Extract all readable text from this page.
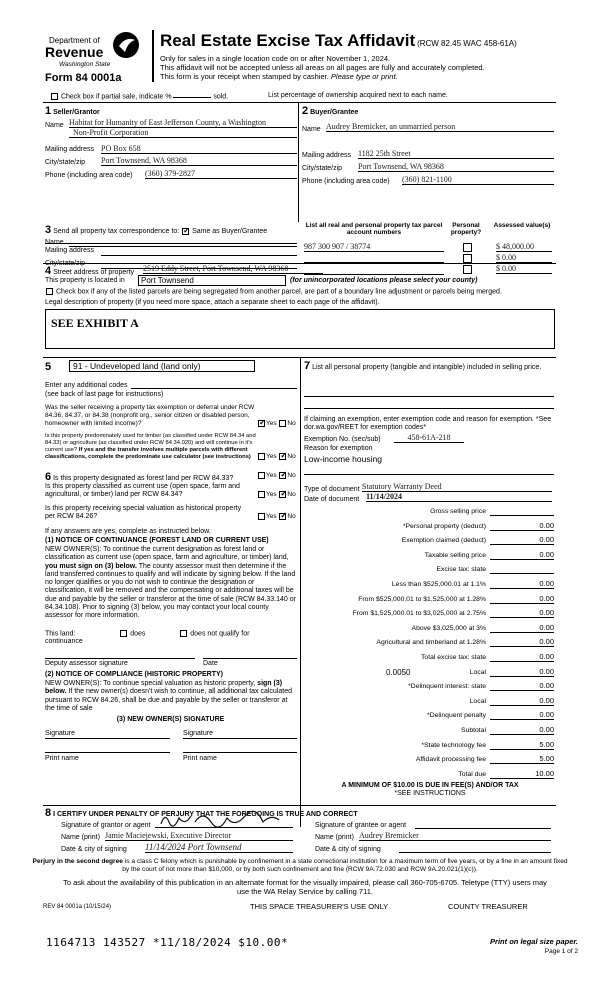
Department of
Revenue
Washington State
Form 84 0001a
Real Estate Excise Tax Affidavit (RCW 82.45 WAC 458-61A)
Only for sales in a single location code on or after November 1, 2024.
This affidavit will not be accepted unless all areas on all pages are fully and accurately completed.
This form is your receipt when stamped by cashier. Please type or print.
Check box if partial sale, indicate %	sold.	List percentage of ownership acquired next to each name.
1 Seller/Grantor
Name Habitat for Humanity of East Jefferson County, a Washington
Non-Profit Corporation
Mailing address PO Box 658
City/state/zip Port Townsend, WA 98368
Phone (including area code) (360) 379-2827
2 Buyer/Grantee
Name Audrey Bremicker, an unmarried person
Mailing address 1182 25th Street
City/state/zip Port Townsend, WA 98368
Phone (including area code) (360) 821-1100
3 Send all property tax correspondence to: ✓ Same as Buyer/Grantee
Name
Mailing address
City/state/zip
List all real and personal property tax parcel account numbers
Personal property?
Assessed value(s)
987 300 907 / 38774	$ 48,000.00
$ 0.00
$ 0.00
4 Street address of property 2519 Eddy Street, Port Townsend, WA 98368
This property is located in	Port Townsend	(for unincorporated locations please select your county)
Check box if any of the listed parcels are being segregated from another parcel, are part of a boundary line adjustment or parcels being merged.
Legal description of property (if you need more space, attach a separate sheet to each page of the affidavit).
SEE EXHIBIT A
5	91 - Undeveloped land (land only)
Enter any additional codes
(see back of last page for instructions)
Was the seller receiving a property tax exemption or deferral under RCW 84.36, 84.37, or 84.38 (nonprofit org., senior citizen or disabled person, homeowner with limited income)? ✓	Yes No
Is this property predominately used for timber (as classified under RCW 84.34 and 84.33) or agriculture (as classified under RCW 84.34.020) and will continue in it's current use? If yes and the transfer involves multiple parcels with different classifications, complete the predominate use calculator (see instructions)	Yes ✓ No
6 Is this property designated as forest land per RCW 84.33?	Yes ✓ No
Is this property classified as current use (open space, farm and agricultural, or timber) land per RCW 84.34?	Yes ✓ No
Is this property receiving special valuation as historical property per RCW 84.26?	Yes ✓ No
If any answers are yes, complete as instructed below.
(1) NOTICE OF CONTINUANCE (FOREST LAND OR CURRENT USE)
NEW OWNER(S): To continue the current designation as forest land or classification as current use (open space, farm and agriculture, or timber) land, you must sign on (3) below. The county assessor must then determine if the land transferred continues to qualify and will indicate by signing below. If the land no longer qualifies or you do not wish to continue the designation or classification, it will be removed and the compensating or additional taxes will be due and payable by the seller or transferor at the time of sale (RCW 84.33.140 or 84.34.108). Prior to signing (3) below, you may contact your local county assessor for more information.
This land:	does	does not qualify for
continuance
Deputy assessor signature	Date
(2) NOTICE OF COMPLIANCE (HISTORIC PROPERTY)
NEW OWNER(S): To continue special valuation as historic property, sign (3) below. If the new owner(s) doesn't wish to continue, all additional tax calculated pursuant to RCW 84.26, shall be due and payable by the seller or transferor at the time of sale
(3) NEW OWNER(S) SIGNATURE
Signature	Signature
Print name	Print name
7 List all personal property (tangible and intangible) included in selling price.
If claiming an exemption, enter exemption code and reason for exemption. *See dor.wa.gov/REET for exemption codes*
Exemption No. (sec/sub)	458-61A-218
Reason for exemption
Low-income housing
Type of document Statutory Warranty Deed
Date of document 11/14/2024
Gross selling price
*Personal property (deduct)	0.00
Exemption claimed (deduct)	0.00
Taxable selling price	0.00
Excise tax: state
Less than $525,000.01 at 1.1%	0.00
From $525,000.01 to $1,525,000 at 1.28%	0.00
From $1,525,000.01 to $3,025,000 at 2.75%	0.00
Above $3,025,000 at 3%	0.00
Agricultural and timberland at 1.28%	0.00
Total excise tax: state	0.00
Local
0.0050	0.00
*Delinquent interest: state	0.00
Local	0.00
*Delinquent penalty	0.00
Subtotal	0.00
*State technology fee	5.00
Affidavit processing fee	5.00
Total due	10.00
A MINIMUM OF $10.00 IS DUE IN FEE(S) AND/OR TAX
*SEE INSTRUCTIONS
8 I CERTIFY UNDER PENALTY OF PERJURY THAT THE FOREGOING IS TRUE AND CORRECT
Signature of grantor or agent
Name (print) Jamie Maciejewski, Executive Director
Date & city of signing 11/14/2024 Port Townsend
Signature of grantee or agent
Name (print) Audrey Bremicker
Date & city of signing
Perjury in the second degree is a class C felony which is punishable by confinement in a state correctional institution for a maximum term of five years, or by a fine in an amount fixed by the court of not more than $10,000, or by both such confinement and fine (RCW 9A.72.030 and RCW 9A.20.021(1)(c)).
To ask about the availability of this publication in an alternate format for the visually impaired, please call 360-705-6705. Teletype (TTY) users may use the WA Relay Service by calling 711.
REV 84 0001a (10/15/24)	THIS SPACE TREASURER'S USE ONLY	COUNTY TREASURER
1164713 143527 *11/18/2024 $10.00*	Print on legal size paper.
Page 1 of 2
